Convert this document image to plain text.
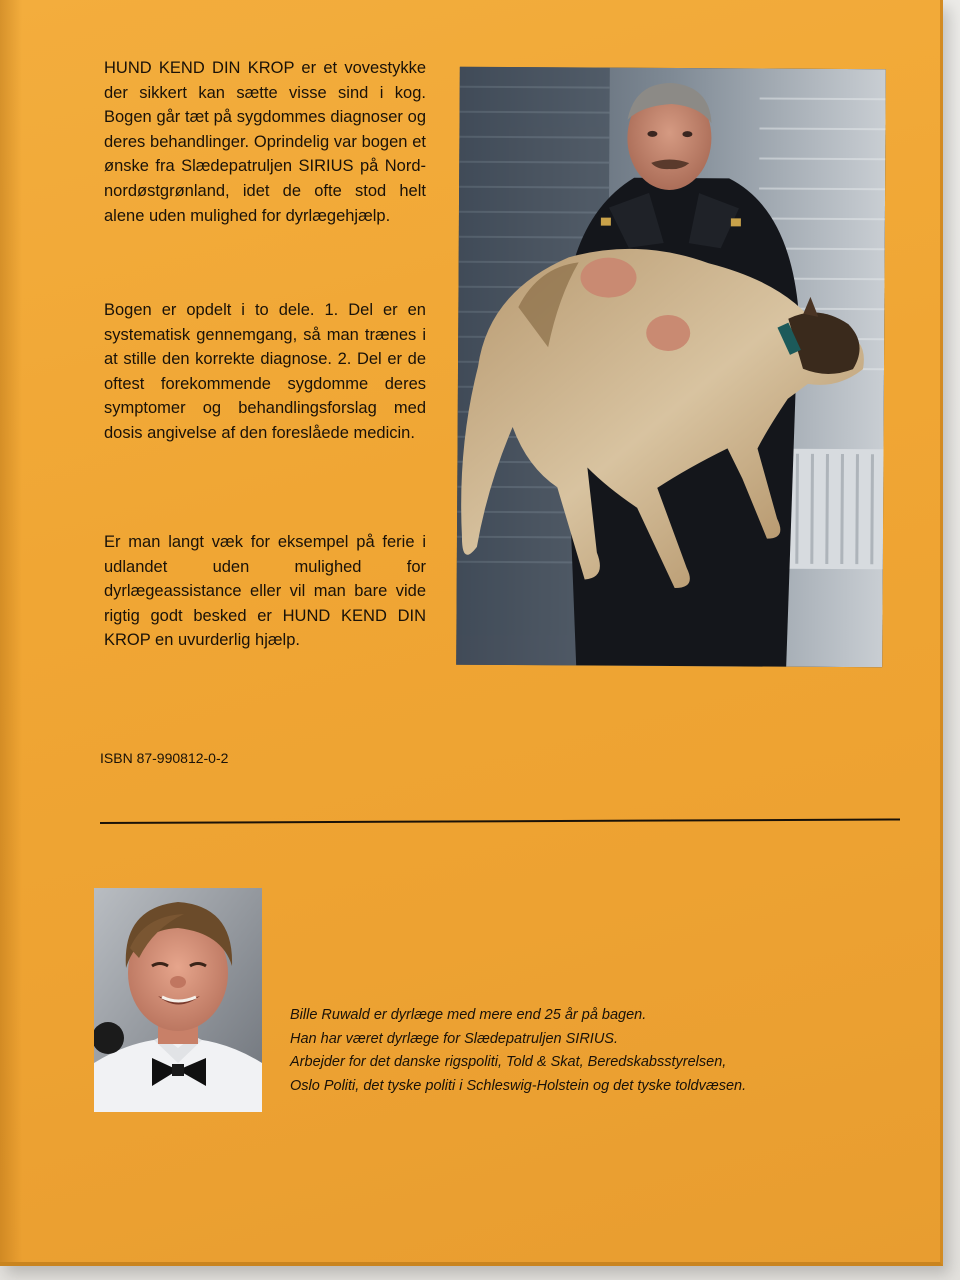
HUND KEND DIN KROP er et vovestykke der sikkert kan sætte visse sind i kog. Bogen går tæt på sygdommes diagnoser og deres behandlinger. Oprindelig var bogen et ønske fra Slædepatruljen SIRIUS på Nord-nordøstgrønland, idet de ofte stod helt alene uden mulighed for dyrlægehjælp.
Bogen er opdelt i to dele. 1. Del er en systematisk gennemgang, så man trænes i at stille den korrekte diagnose. 2. Del er de oftest forekommende sygdomme deres symptomer og behandlingsforslag med dosis angivelse af den foreslåede medicin.
Er man langt væk for eksempel på ferie i udlandet uden mulighed for dyrlægeassistance eller vil man bare vide rigtig godt besked er HUND KEND DIN KROP en uvurderlig hjælp.
ISBN 87-990812-0-2
Bille Ruwald er dyrlæge med mere end 25 år på bagen.
Han har været dyrlæge for Slædepatruljen SIRIUS.
Arbejder for det danske rigspoliti, Told & Skat, Beredskabsstyrelsen,
Oslo Politi, det tyske politi i Schleswig-Holstein og det tyske toldvæsen.
